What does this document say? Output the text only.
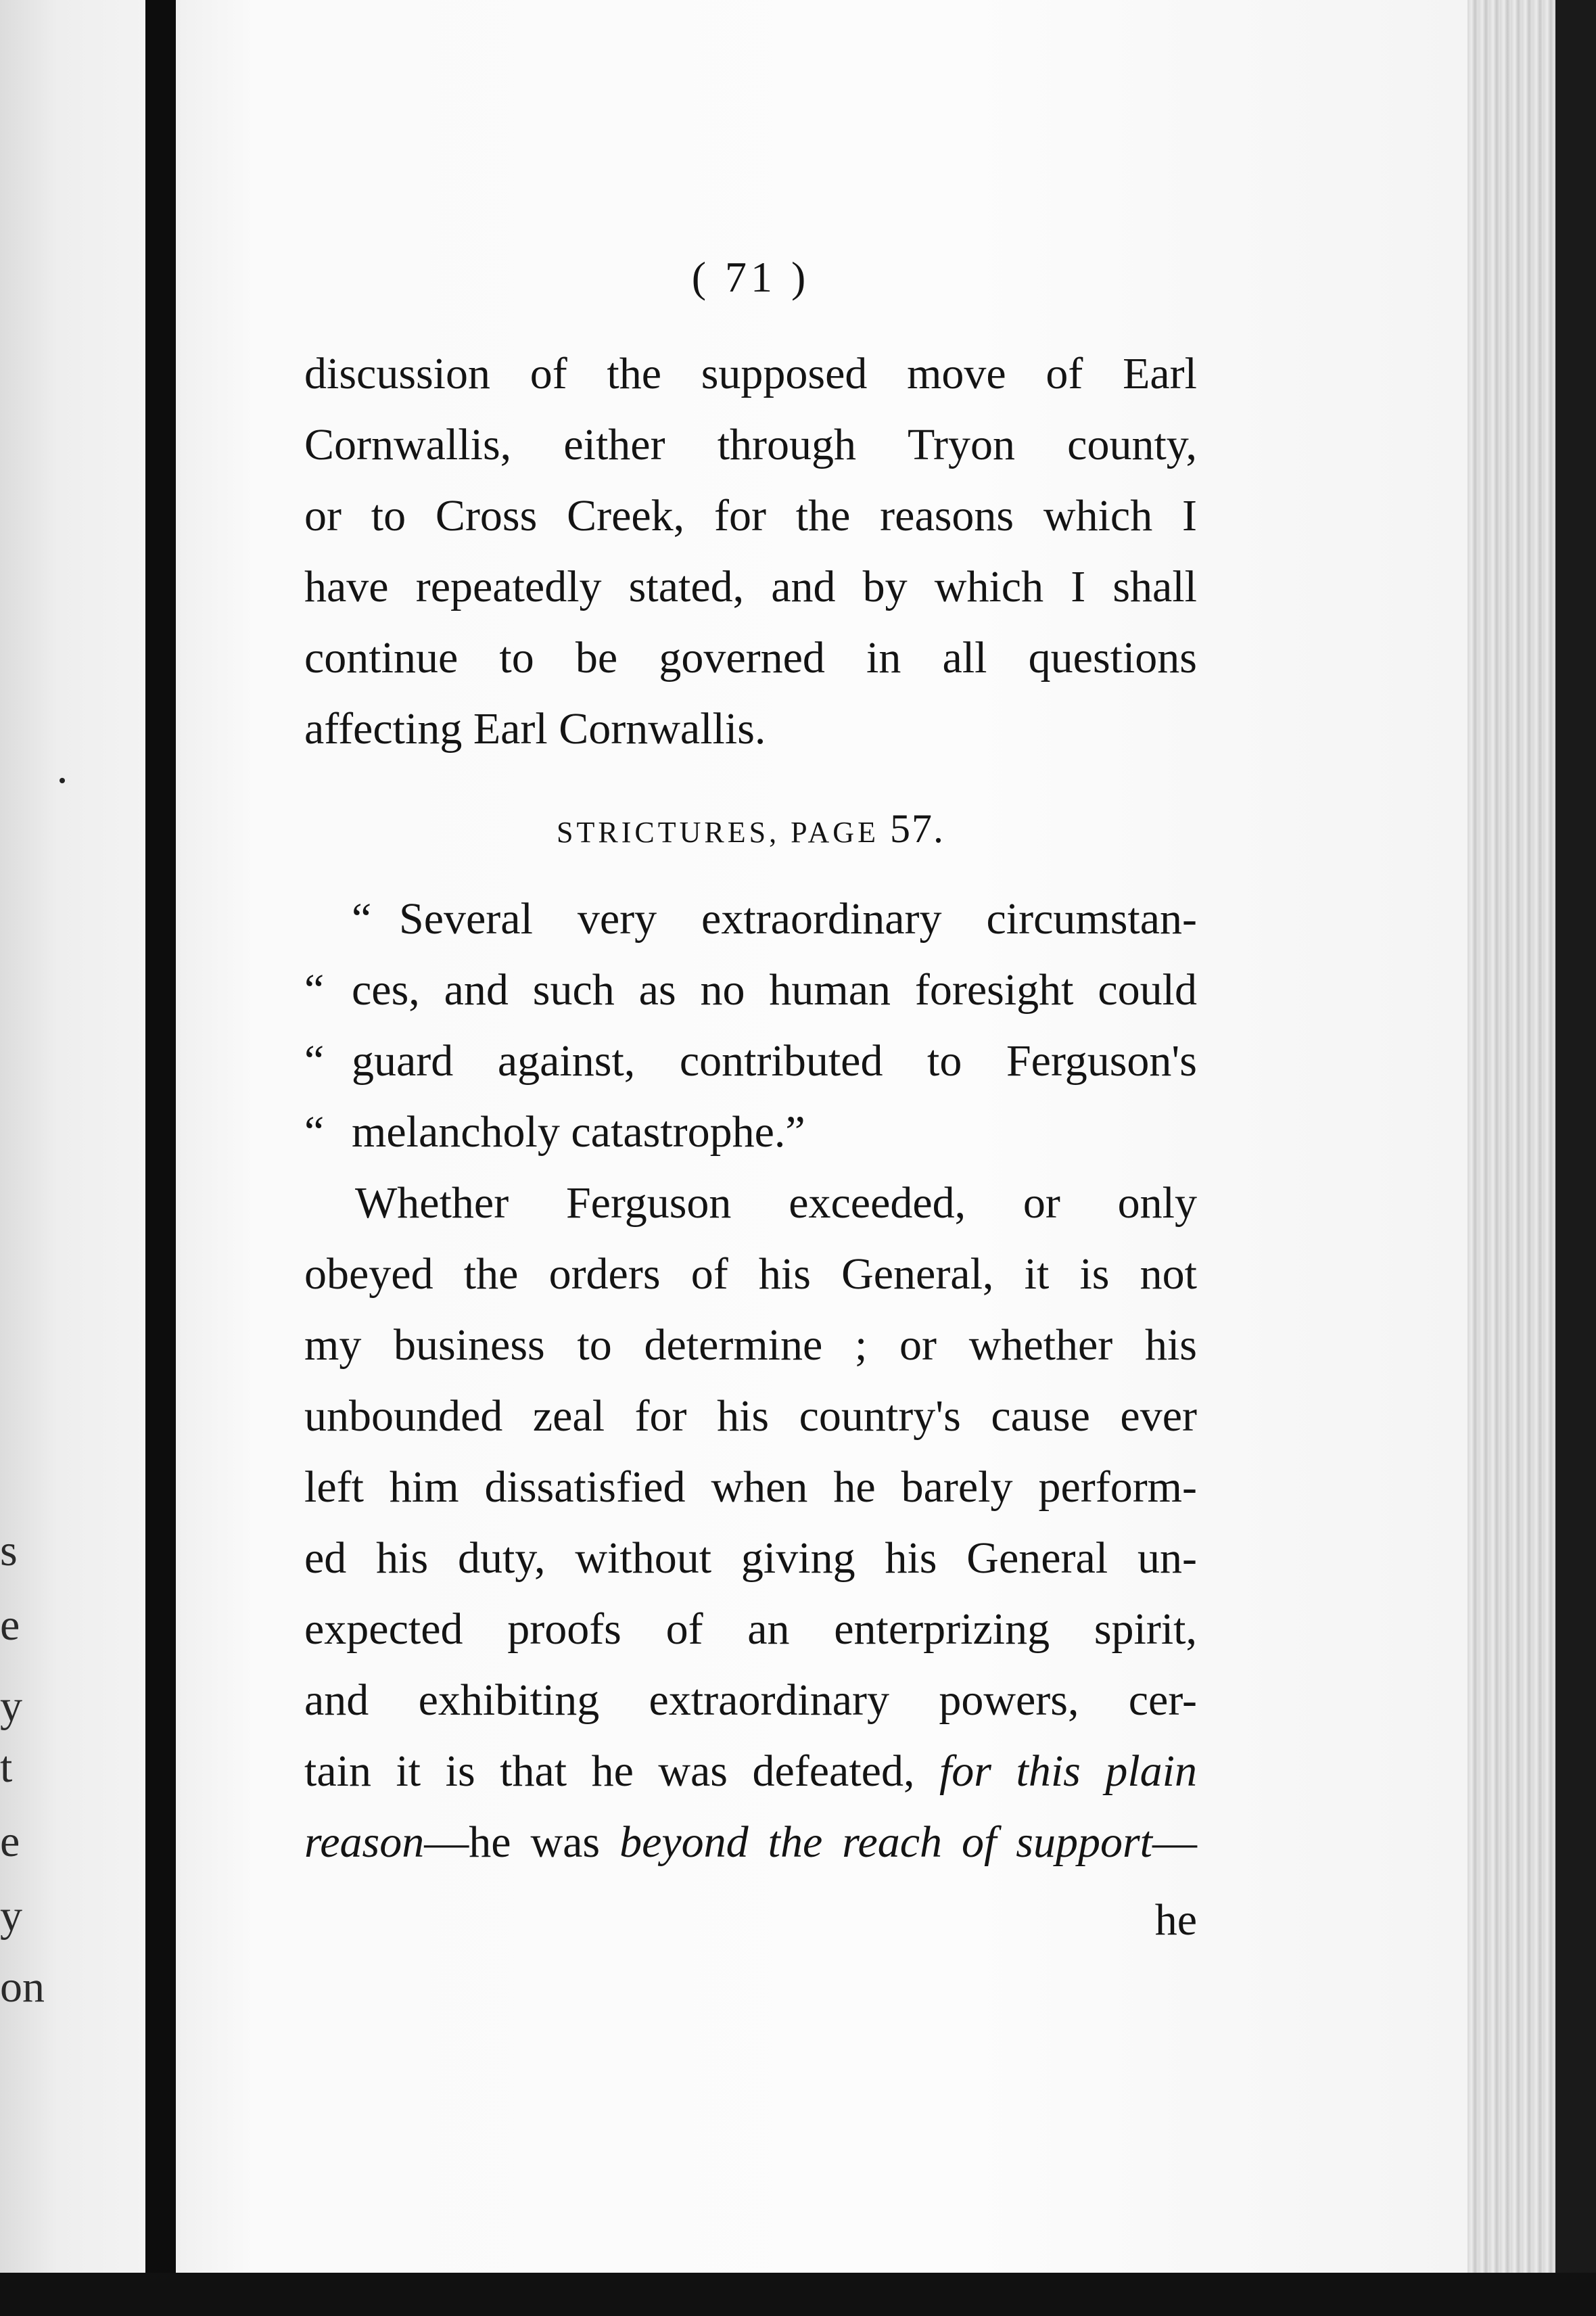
s
e
y
t
e
y
on
( 71 )

discussion of the supposed move of Earl
Cornwallis, either through Tryon county,
or to Cross Creek, for the reasons which I
have repeatedly stated, and by which I shall
continue to be governed in all questions
affecting Earl Cornwallis.

STRICTURES, PAGE 57.

“ Several very extraordinary circumstan-
“ ces, and such as no human foresight could
“ guard against, contributed to Ferguson's
“ melancholy catastrophe.”

Whether Ferguson exceeded, or only
obeyed the orders of his General, it is not
my business to determine ; or whether his
unbounded zeal for his country's cause ever
left him dissatisfied when he barely perform-
ed his duty, without giving his General un-
expected proofs of an enterprizing spirit,
and exhibiting extraordinary powers, cer-
tain it is that he was defeated, for this plain
reason—he was beyond the reach of support—

he
